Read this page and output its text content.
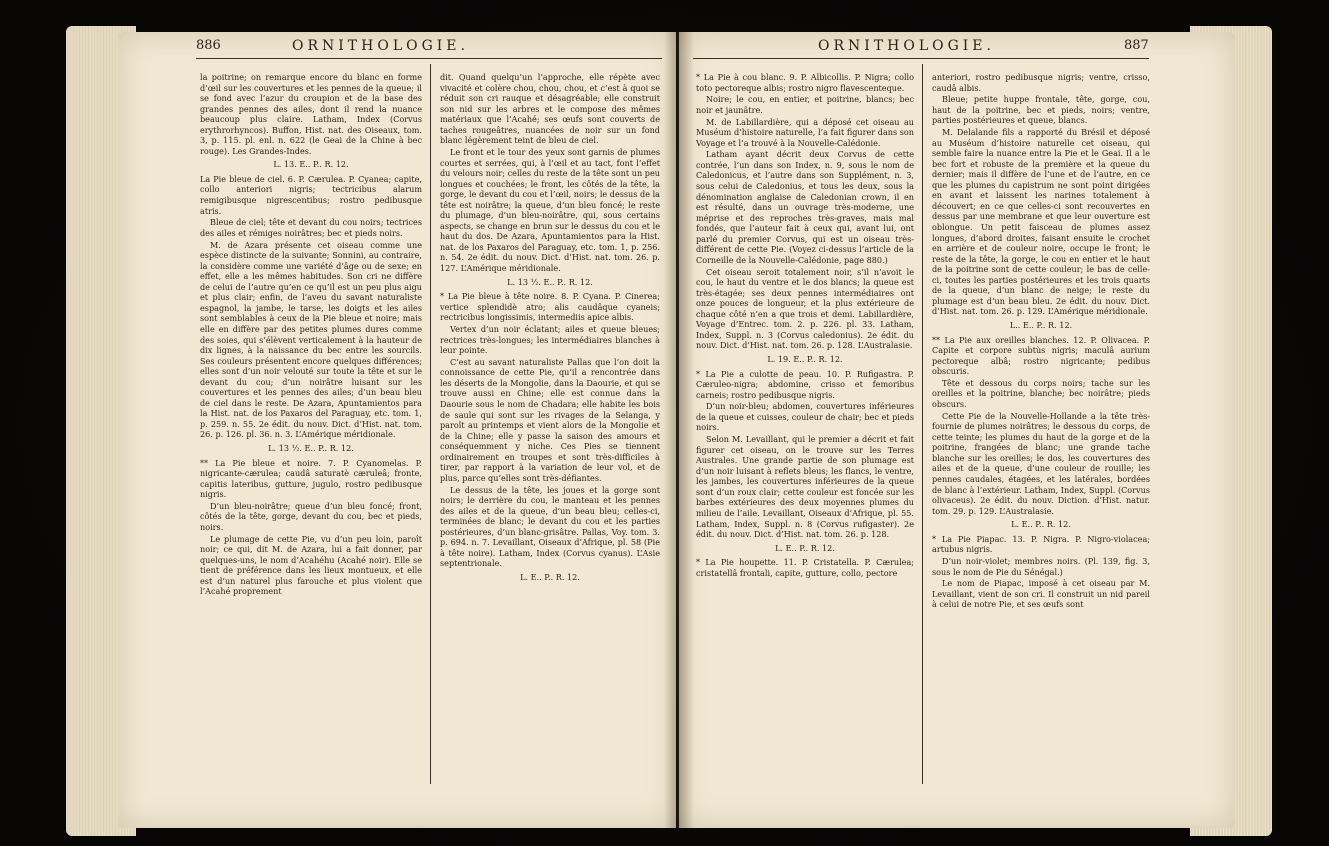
886	ORNITHOLOGIE.	ORNITHOLOGIE.	887

la poitrine; on remarque encore du blanc en forme d’œil sur les couvertures et les pennes de la queue; il se fond avec l’azur du croupion et de la base des grandes pennes des ailes, dont il rend la nuance beaucoup plus claire. Latham, Index (Corvus erythrorhyncos). Buffon, Hist. nat. des Oiseaux, tom. 3, p. 115. pl. enl. n. 622 (le Geai de la Chine à bec rouge). Les Grandes-Indes.

L. 13. E.. P.. R. 12.

La Pie bleue de ciel. 6. P. Cærulea. P. Cyanea; capite, collo anteriori nigris; tectricibus alarum remigibusque nigrescentibus; rostro pedibusque atris.

Bleue de ciel; tête et devant du cou noirs; tectrices des ailes et rémiges noirâtres; bec et pieds noirs.

M. de Azara présente cet oiseau comme une espèce distincte de la suivante; Sonnini, au contraire, la considère comme une variété d’âge ou de sexe; en effet, elle a les mêmes habitudes. Son cri ne diffère de celui de l’autre qu’en ce qu’il est un peu plus aigu et plus clair; enfin, de l’aveu du savant naturaliste espagnol, la jambe, le tarse, les doigts et les ailes sont semblables à ceux de la Pie bleue et noire; mais elle en diffère par des petites plumes dures comme des soies, qui s’élèvent verticalement à la hauteur de dix lignes, à la naissance du bec entre les sourcils. Ses couleurs présentent encore quelques différences; elles sont d’un noir velouté sur toute la tête et sur le devant du cou; d’un noirâtre luisant sur les couvertures et les pennes des ailes; d’un beau bleu de ciel dans le reste. De Azara, Apuntamientos para la Hist. nat. de los Paxaros del Paraguay, etc. tom. 1, p. 259. n. 55. 2e édit. du nouv. Dict. d’Hist. nat. tom. 26. p. 126. pl. 36. n. 3. L’Amérique méridionale.

L. 13 ½. E.. P.. R. 12.

** La Pie bleue et noire. 7. P. Cyanomelas. P. nigricante-cærulea; caudâ saturatè cæruleâ; fronte, capitis lateribus, gutture, jugulo, rostro pedibusque nigris.

D’un bleu-noirâtre; queue d’un bleu foncé; front, côtés de la tête, gorge, devant du cou, bec et pieds, noirs.

Le plumage de cette Pie, vu d’un peu loin, paroît noir; ce qui, dit M. de Azara, lui a fait donner, par quelques-uns, le nom d’Acahéhu (Acahé noir). Elle se tient de préférence dans les lieux montueux, et elle est d’un naturel plus farouche et plus violent que l’Acahé proprement

dit. Quand quelqu’un l’approche, elle répète avec vivacité et colère chou, chou, chou, et c’est à quoi se réduit son cri rauque et désagréable; elle construit son nid sur les arbres et le compose des mêmes matériaux que l’Acahé; ses œufs sont couverts de taches rougeâtres, nuancées de noir sur un fond blanc légèrement teint de bleu de ciel.

Le front et le tour des yeux sont garnis de plumes courtes et serrées, qui, à l’œil et au tact, font l’effet du velours noir; celles du reste de la tête sont un peu longues et couchées; le front, les côtés de la tête, la gorge, le devant du cou et l’œil, noirs; le dessus de la tête est noirâtre; la queue, d’un bleu foncé; le reste du plumage, d’un bleu-noirâtre, qui, sous certains aspects, se change en brun sur le dessus du cou et le haut du dos. De Azara, Apuntamientos para la Hist. nat. de los Paxaros del Paraguay, etc. tom. 1, p. 256. n. 54. 2e édit. du nouv. Dict. d’Hist. nat. tom. 26. p. 127. L’Amérique méridionale.

L. 13 ½. E.. P.. R. 12.

* La Pie bleue à tête noire. 8. P. Cyana. P. Cinerea; vertice splendidè atro; alis caudâque cyaneis; rectricibus longissimis, intermediis apice albis.

Vertex d’un noir éclatant; ailes et queue bleues; rectrices très-longues; les intermédiaires blanches à leur pointe.

C’est au savant naturaliste Pallas que l’on doit la connoissance de cette Pie, qu’il a rencontrée dans les déserts de la Mongolie, dans la Daourie, et qui se trouve aussi en Chine; elle est connue dans la Daourie sous le nom de Chadara; elle habite les bois de saule qui sont sur les rivages de la Selanga, y paroît au printemps et vient alors de la Mongolie et de la Chine; elle y passe la saison des amours et conséquemment y niche. Ces Pies se tiennent ordinairement en troupes et sont très-difficiles à tirer, par rapport à la variation de leur vol, et de plus, parce qu’elles sont très-défiantes.

Le dessus de la tête, les joues et la gorge sont noirs; le derrière du cou, le manteau et les pennes des ailes et de la queue, d’un beau bleu; celles-ci, terminées de blanc; le devant du cou et les parties postérieures, d’un blanc-grisâtre. Pallas, Voy. tom. 3. p. 694. n. 7. Levaillant, Oiseaux d’Afrique, pl. 58 (Pie à tête noire). Latham, Index (Corvus cyanus). L’Asie septentrionale.

L. E.. P.. R. 12.

* La Pie à cou blanc. 9. P. Albicollis. P. Nigra; collo toto pectoreque albis; rostro nigro flavescenteque.

Noire; le cou, en entier, et poitrine, blancs; bec noir et jaunâtre.

M. de Labillardière, qui a déposé cet oiseau au Muséum d’histoire naturelle, l’a fait figurer dans son Voyage et l’a trouvé à la Nouvelle-Calédonie.

Latham ayant décrit deux Corvus de cette contrée, l’un dans son Index, n. 9, sous le nom de Caledonicus, et l’autre dans son Supplément, n. 3, sous celui de Caledonius, et tous les deux, sous la dénomination anglaise de Caledonian crown, il en est résulté, dans un ouvrage très-moderne, une méprise et des reproches très-graves, mais mal fondés, que l’auteur fait à ceux qui, avant lui, ont parlé du premier Corvus, qui est un oiseau très-différent de cette Pie. (Voyez ci-dessus l’article de la Corneille de la Nouvelle-Calédonie, page 880.)

Cet oiseau seroit totalement noir, s’il n’avoit le cou, le haut du ventre et le dos blancs; la queue est très-étagée; ses deux pennes intermédiaires ont onze pouces de longueur, et la plus extérieure de chaque côté n’en a que trois et demi. Labillardière, Voyage d’Entrec. tom. 2. p. 226. pl. 33. Latham, Index, Suppl. n. 3 (Corvus caledonius). 2e édit. du nouv. Dict. d’Hist. nat. tom. 26. p. 128. L’Australasie.

L. 19. E.. P.. R. 12.

* La Pie a culotte de peau. 10. P. Rufigastra. P. Cæruleo-nigra; abdomine, crisso et femoribus carneis; rostro pedibusque nigris.

D’un noir-bleu; abdomen, couvertures inférieures de la queue et cuisses, couleur de chair; bec et pieds noirs.

Selon M. Levaillant, qui le premier a décrit et fait figurer cet oiseau, on le trouve sur les Terres Australes. Une grande partie de son plumage est d’un noir luisant à reflets bleus; les flancs, le ventre, les jambes, les couvertures inférieures de la queue sont d’un roux clair; cette couleur est foncée sur les barbes extérieures des deux moyennes plumes du milieu de l’aile. Levaillant, Oiseaux d’Afrique, pl. 55. Latham, Index, Suppl. n. 8 (Corvus rufigaster). 2e édit. du nouv. Dict. d’Hist. nat. tom. 26. p. 128.

L. E.. P.. R. 12.

* La Pie houpette. 11. P. Cristatella. P. Cærulea; cristatellâ frontali, capite, gutture, collo, pectore

anteriori, rostro pedibusque nigris; ventre, crisso, caudâ albis.

Bleue; petite huppe frontale, tête, gorge, cou, haut de la poitrine, bec et pieds, noirs; ventre, parties postérieures et queue, blancs.

M. Delalande fils a rapporté du Brésil et déposé au Muséum d’histoire naturelle cet oiseau, qui semble faire la nuance entre la Pie et le Geai. Il a le bec fort et robuste de la première et la queue du dernier; mais il diffère de l’une et de l’autre, en ce que les plumes du capistrum ne sont point dirigées en avant et laissent les narines totalement à découvert; en ce que celles-ci sont recouvertes en dessus par une membrane et que leur ouverture est oblongue. Un petit faisceau de plumes assez longues, d’abord droites, faisant ensuite le crochet en arrière et de couleur noire, occupe le front; le reste de la tête, la gorge, le cou en entier et le haut de la poitrine sont de cette couleur; le bas de celle-ci, toutes les parties postérieures et les trois quarts de la queue, d’un blanc de neige; le reste du plumage est d’un beau bleu. 2e édit. du nouv. Dict. d’Hist. nat. tom. 26. p. 129. L’Amérique méridionale.

L.. E.. P.. R. 12.

** La Pie aux oreilles blanches. 12. P. Olivacea. P. Capite et corpore subtùs nigris; maculâ aurium pectoreque albâ; rostro nigricante; pedibus obscuris.

Tête et dessous du corps noirs; tache sur les oreilles et la poitrine, blanche; bec noirâtre; pieds obscurs.

Cette Pie de la Nouvelle-Hollande a la tête très-fournie de plumes noirâtres; le dessous du corps, de cette teinte; les plumes du haut de la gorge et de la poitrine, frangées de blanc; une grande tache blanche sur les oreilles; le dos, les couvertures des ailes et de la queue, d’une couleur de rouille; les pennes caudales, étagées, et les latérales, bordées de blanc à l’extérieur. Latham, Index, Suppl. (Corvus olivaceus). 2e édit. du nouv. Diction. d’Hist. natur. tom. 29. p. 129. L’Australasie.

L. E.. P.. R. 12.

* La Pie Piapac. 13. P. Nigra. P. Nigro-violacea; artubus nigris.

D’un noir-violet; membres noirs. (Pl. 139, fig. 3, sous le nom de Pie du Sénégal.)

Le nom de Piapac, imposé à cet oiseau par M. Levaillant, vient de son cri. Il construit un nid pareil à celui de notre Pie, et ses œufs sont
